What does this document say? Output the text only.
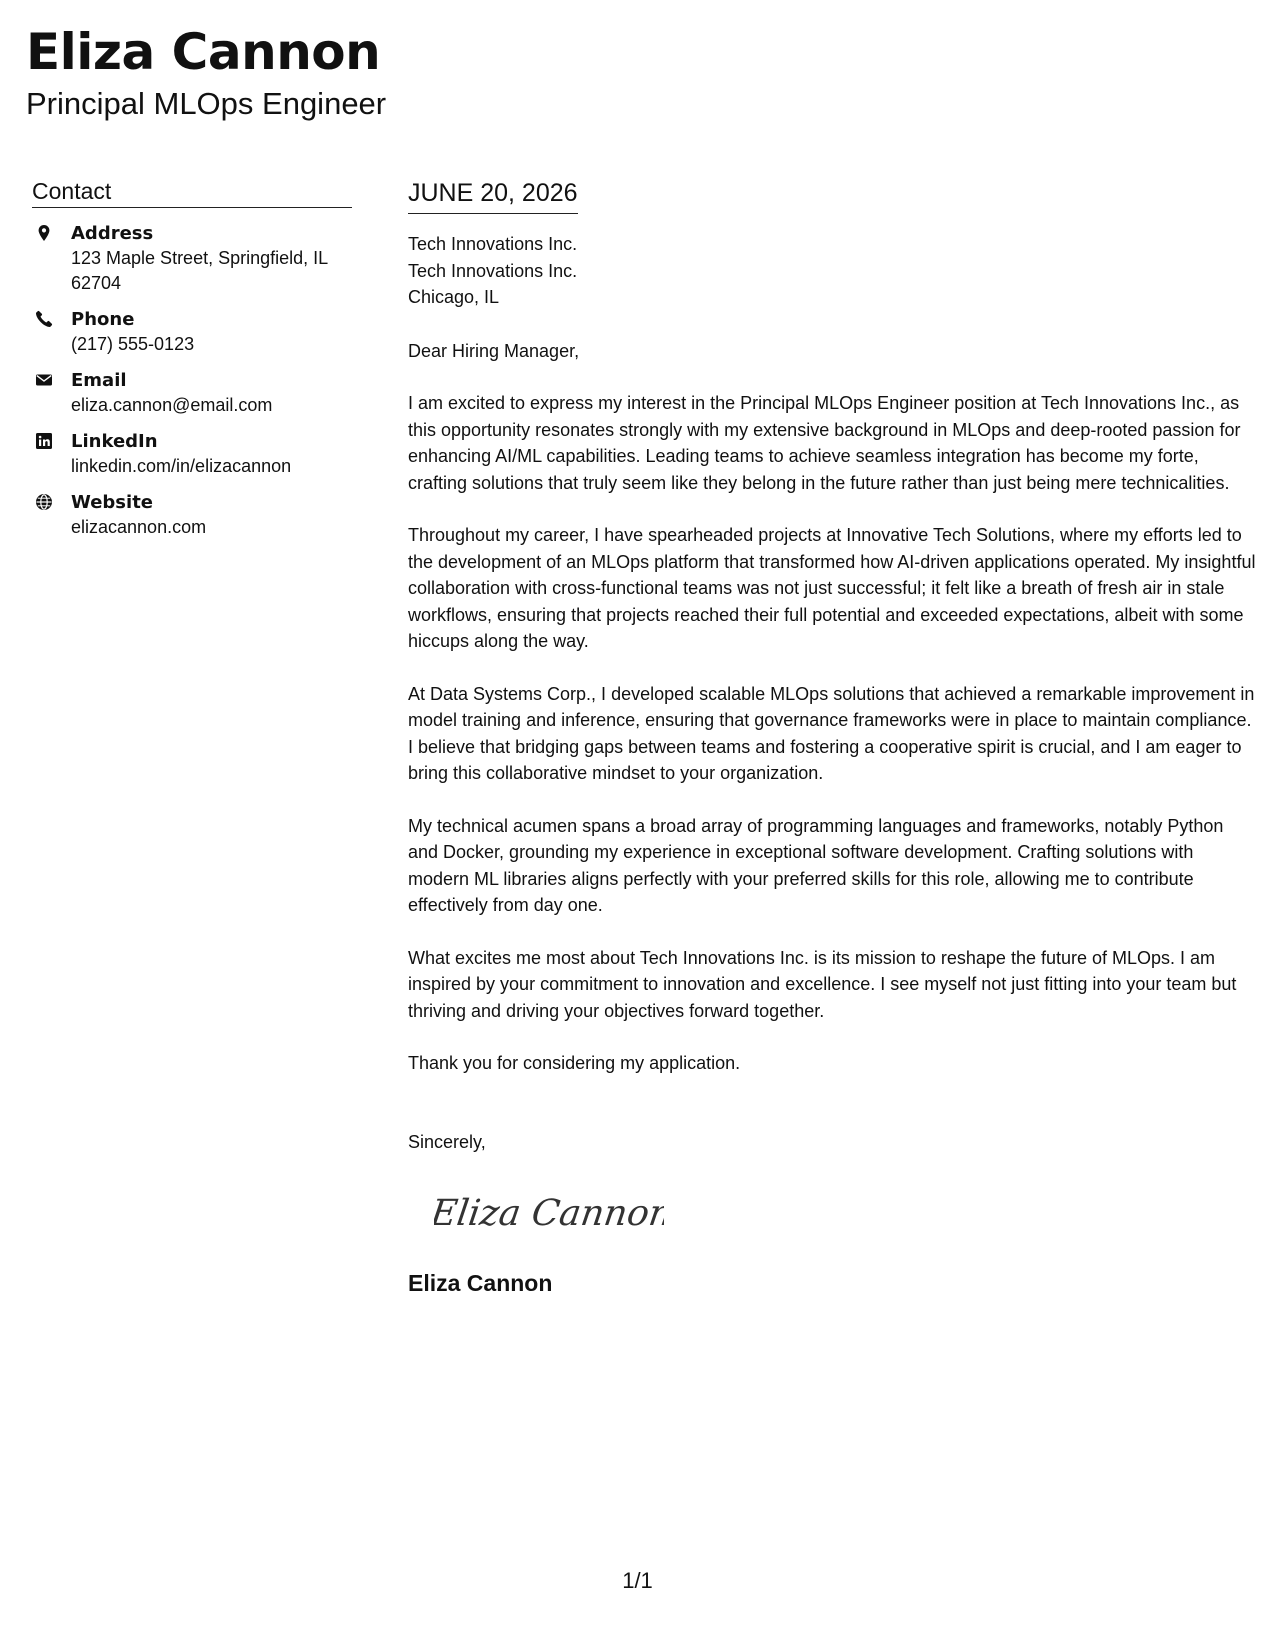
Eliza Cannon
Principal MLOps Engineer
Contact
Address
123 Maple Street, Springfield, IL 62704
Phone
(217) 555-0123
Email
eliza.cannon@email.com
LinkedIn
linkedin.com/in/elizacannon
Website
elizacannon.com
JUNE 20, 2026
Tech Innovations Inc.
Tech Innovations Inc.
Chicago, IL
Dear Hiring Manager,
I am excited to express my interest in the Principal MLOps Engineer position at Tech Innovations Inc., as this opportunity resonates strongly with my extensive background in MLOps and deep-rooted passion for enhancing AI/ML capabilities. Leading teams to achieve seamless integration has become my forte, crafting solutions that truly seem like they belong in the future rather than just being mere technicalities.
Throughout my career, I have spearheaded projects at Innovative Tech Solutions, where my efforts led to the development of an MLOps platform that transformed how AI-driven applications operated. My insightful collaboration with cross-functional teams was not just successful; it felt like a breath of fresh air in stale workflows, ensuring that projects reached their full potential and exceeded expectations, albeit with some hiccups along the way.
At Data Systems Corp., I developed scalable MLOps solutions that achieved a remarkable improvement in model training and inference, ensuring that governance frameworks were in place to maintain compliance. I believe that bridging gaps between teams and fostering a cooperative spirit is crucial, and I am eager to bring this collaborative mindset to your organization.
My technical acumen spans a broad array of programming languages and frameworks, notably Python and Docker, grounding my experience in exceptional software development. Crafting solutions with modern ML libraries aligns perfectly with your preferred skills for this role, allowing me to contribute effectively from day one.
What excites me most about Tech Innovations Inc. is its mission to reshape the future of MLOps. I am inspired by your commitment to innovation and excellence. I see myself not just fitting into your team but thriving and driving your objectives forward together.
Thank you for considering my application.
Sincerely,
Eliza Cannon
Eliza Cannon
1/1
